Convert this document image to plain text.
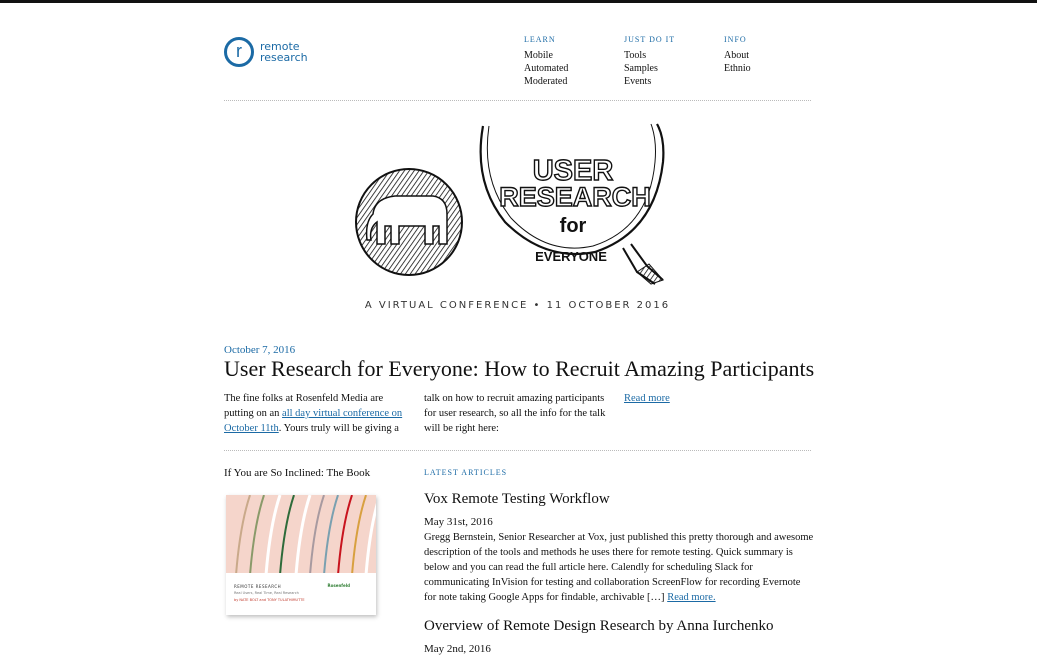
r remote
research
LEARN
Mobile
Automated
Moderated
JUST DO IT
Tools
Samples
Events
INFO
About
Ethnio
USER
RESEARCH
for
EVERYONE
A VIRTUAL CONFERENCE • 11 OCTOBER 2016
October 7, 2016
User Research for Everyone: How to Recruit Amazing Participants
The fine folks at Rosenfeld Media are putting on an all day virtual conference on October 11th. Yours truly will be giving a
talk on how to recruit amazing participants for user research, so all the info for the talk will be right here:
Read more
If You are So Inclined: The Book
REMOTE RESEARCH
Real Users, Real Time, Real Research
by NATE BOLT and TONY TULATHIMUTTE
Rosenfeld
LATEST ARTICLES
Vox Remote Testing Workflow
May 31st, 2016
Gregg Bernstein, Senior Researcher at Vox, just published this pretty thorough and awesome description of the tools and methods he uses there for remote testing. Quick summary is below and you can read the full article here. Calendly for scheduling Slack for communicating InVision for testing and collaboration ScreenFlow for recording Evernote for note taking Google Apps for findable, archivable […] Read more.
Overview of Remote Design Research by Anna Iurchenko
May 2nd, 2016
